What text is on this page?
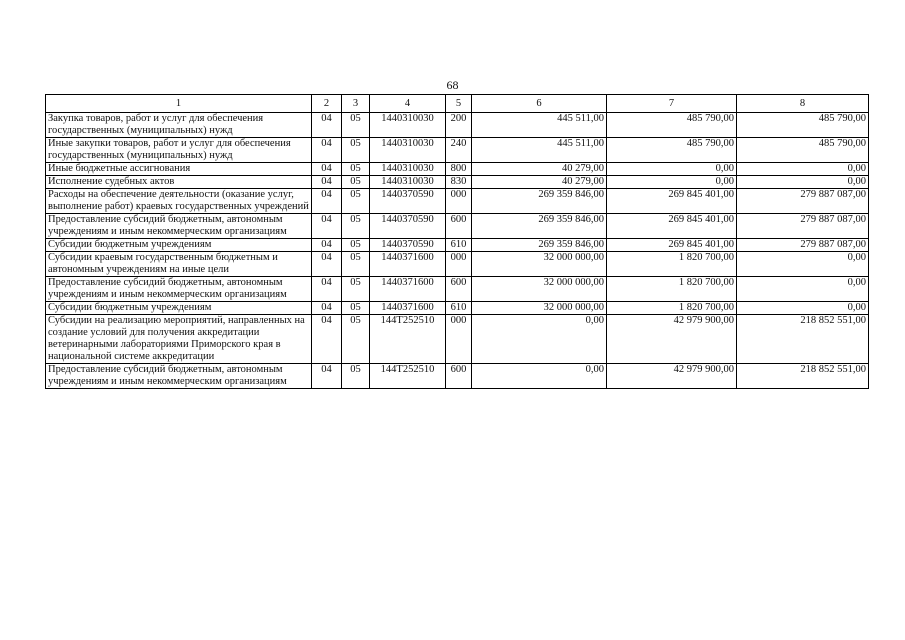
68
1	2	3	4	5	6	7	8
Закупка товаров, работ и услуг для обеспечения государственных (муниципальных) нужд	04	05	1440310030	200	445 511,00	485 790,00	485 790,00
Иные закупки товаров, работ и услуг для обеспечения государственных (муниципальных) нужд	04	05	1440310030	240	445 511,00	485 790,00	485 790,00
Иные бюджетные ассигнования	04	05	1440310030	800	40 279,00	0,00	0,00
Исполнение судебных актов	04	05	1440310030	830	40 279,00	0,00	0,00
Расходы на обеспечение деятельности (оказание услуг, выполнение работ) краевых государственных учреждений	04	05	1440370590	000	269 359 846,00	269 845 401,00	279 887 087,00
Предоставление субсидий бюджетным, автономным учреждениям и иным некоммерческим организациям	04	05	1440370590	600	269 359 846,00	269 845 401,00	279 887 087,00
Субсидии бюджетным учреждениям	04	05	1440370590	610	269 359 846,00	269 845 401,00	279 887 087,00
Субсидии краевым государственным бюджетным и автономным учреждениям на иные цели	04	05	1440371600	000	32 000 000,00	1 820 700,00	0,00
Предоставление субсидий бюджетным, автономным учреждениям и иным некоммерческим организациям	04	05	1440371600	600	32 000 000,00	1 820 700,00	0,00
Субсидии бюджетным учреждениям	04	05	1440371600	610	32 000 000,00	1 820 700,00	0,00
Субсидии на реализацию мероприятий, направленных на создание условий для получения аккредитации ветеринарными лабораториями Приморского края в национальной системе аккредитации	04	05	144Т252510	000	0,00	42 979 900,00	218 852 551,00
Предоставление субсидий бюджетным, автономным учреждениям и иным некоммерческим организациям	04	05	144Т252510	600	0,00	42 979 900,00	218 852 551,00
